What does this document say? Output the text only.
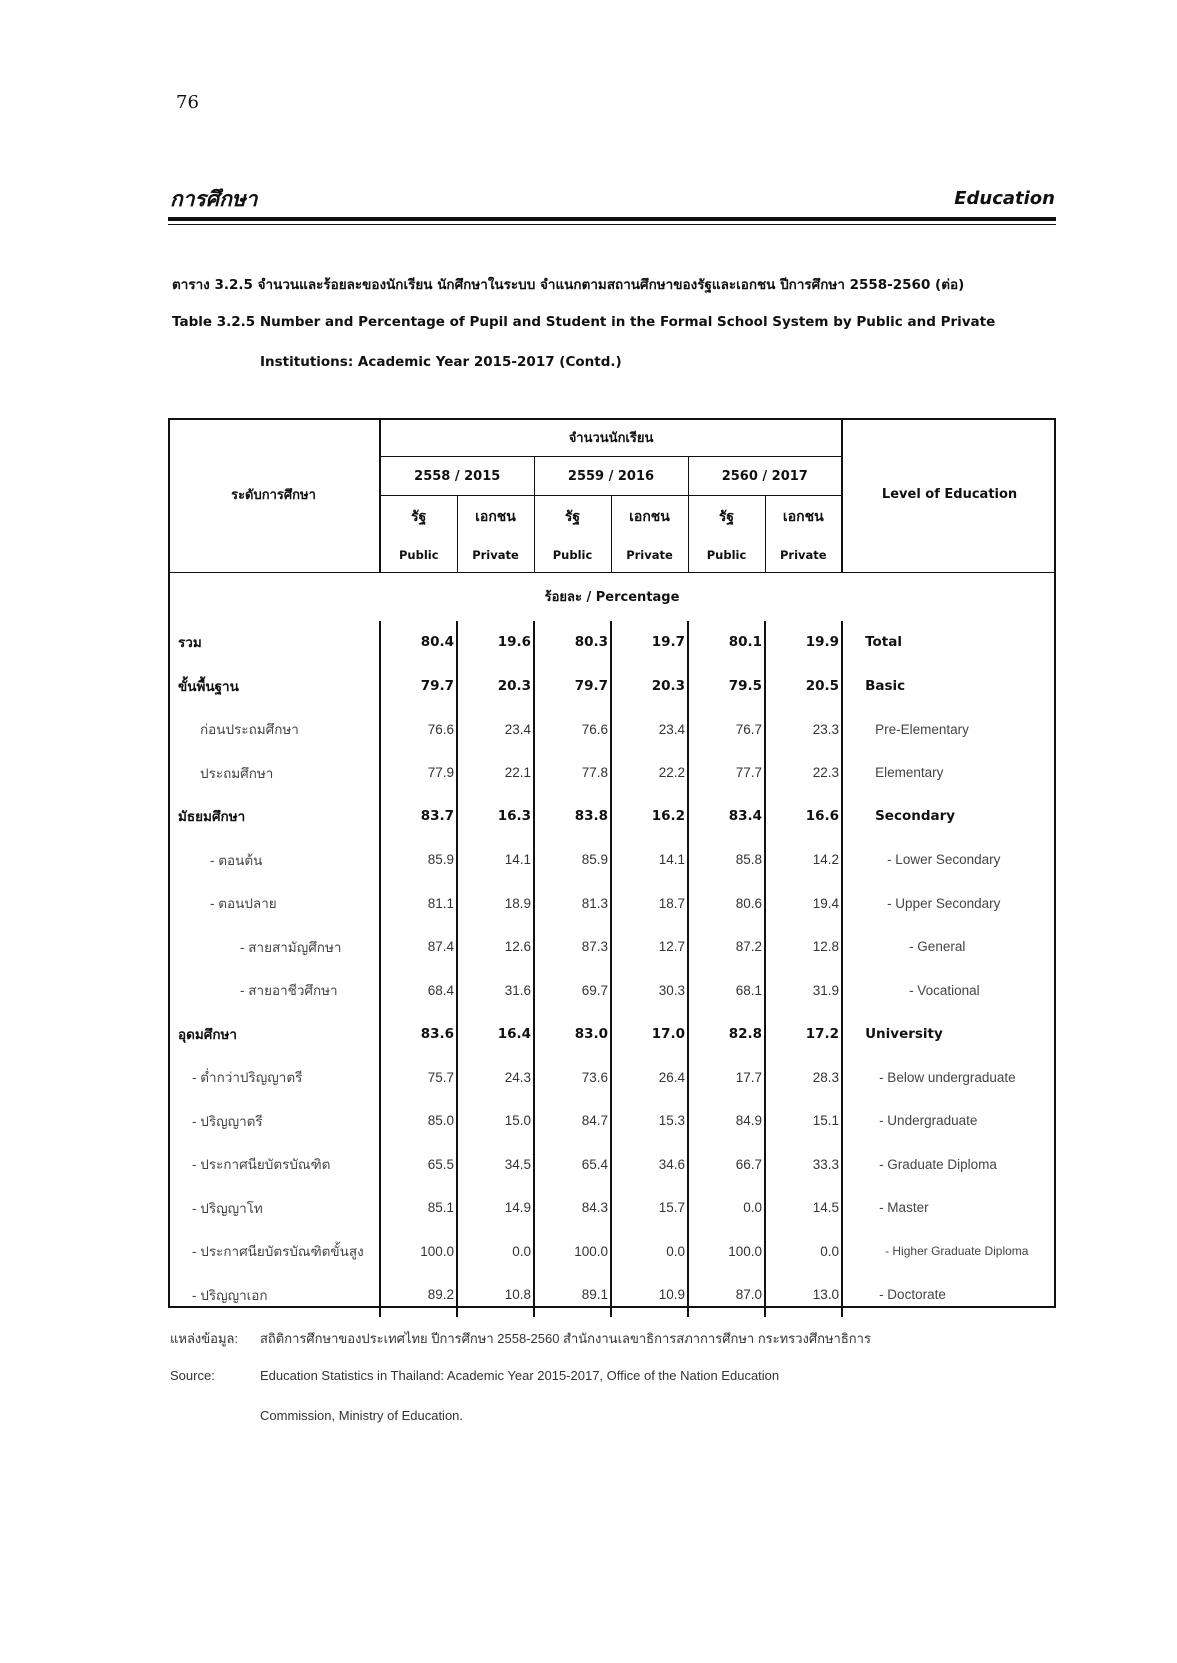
76
การศึกษา	Education
ตาราง 3.2.5 จำนวนและร้อยละของนักเรียน นักศึกษาในระบบ จำแนกตามสถานศึกษาของรัฐและเอกชน ปีการศึกษา 2558-2560 (ต่อ)
Table 3.2.5 Number and Percentage of Pupil and Student in the Formal School System by Public and Private
Institutions: Academic Year 2015-2017 (Contd.)
ระดับการศึกษา	จำนวนนักเรียน						Level of Education
	2558 / 2015		2559 / 2016		2560 / 2017		
	รัฐ	เอกชน	รัฐ	เอกชน	รัฐ	เอกชน	
	Public	Private	Public	Private	Public	Private	
ร้อยละ / Percentage							
รวม	80.4	19.6	80.3	19.7	80.1	19.9	Total
ขั้นพื้นฐาน	79.7	20.3	79.7	20.3	79.5	20.5	Basic
ก่อนประถมศึกษา	76.6	23.4	76.6	23.4	76.7	23.3	Pre-Elementary
ประถมศึกษา	77.9	22.1	77.8	22.2	77.7	22.3	Elementary
มัธยมศึกษา	83.7	16.3	83.8	16.2	83.4	16.6	Secondary
- ตอนต้น	85.9	14.1	85.9	14.1	85.8	14.2	- Lower Secondary
- ตอนปลาย	81.1	18.9	81.3	18.7	80.6	19.4	- Upper Secondary
- สายสามัญศึกษา	87.4	12.6	87.3	12.7	87.2	12.8	- General
- สายอาชีวศึกษา	68.4	31.6	69.7	30.3	68.1	31.9	- Vocational
อุดมศึกษา	83.6	16.4	83.0	17.0	82.8	17.2	University
- ต่ำกว่าปริญญาตรี	75.7	24.3	73.6	26.4	17.7	28.3	- Below undergraduate
- ปริญญาตรี	85.0	15.0	84.7	15.3	84.9	15.1	- Undergraduate
- ประกาศนียบัตรบัณฑิต	65.5	34.5	65.4	34.6	66.7	33.3	- Graduate Diploma
- ปริญญาโท	85.1	14.9	84.3	15.7	0.0	14.5	- Master
- ประกาศนียบัตรบัณฑิตขั้นสูง	100.0	0.0	100.0	0.0	100.0	0.0	- Higher Graduate Diploma
- ปริญญาเอก	89.2	10.8	89.1	10.9	87.0	13.0	- Doctorate
แหล่งข้อมูล: สถิติการศึกษาของประเทศไทย ปีการศึกษา 2558-2560 สำนักงานเลขาธิการสภาการศึกษา กระทรวงศึกษาธิการ
Source:	Education Statistics in Thailand: Academic Year 2015-2017, Office of the Nation Education
Commission, Ministry of Education.
